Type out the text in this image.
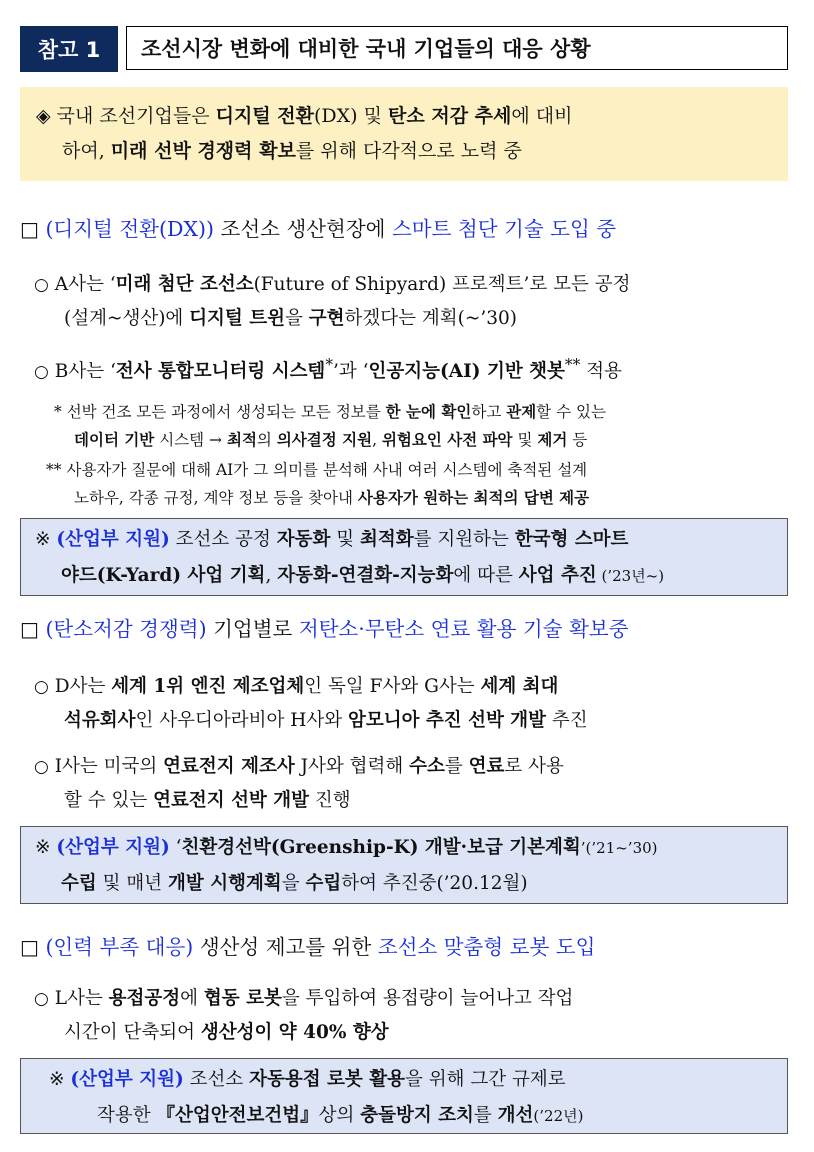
참고 1	조선시장 변화에 대비한 국내 기업들의 대응 상황
◈ 국내 조선기업들은 디지털 전환(DX) 및 탄소 저감 추세에 대비
하여, 미래 선박 경쟁력 확보를 위해 다각적으로 노력 중
□ (디지털 전환(DX)) 조선소 생산현장에 스마트 첨단 기술 도입 중
○ A사는 ‘미래 첨단 조선소(Future of Shipyard) 프로젝트’로 모든 공정
(설계~생산)에 디지털 트윈을 구현하겠다는 계획(~’30)
○ B사는 ‘전사 통합모니터링 시스템*’과 ‘인공지능(AI) 기반 챗봇** 적용
* 선박 건조 모든 과정에서 생성되는 모든 정보를 한 눈에 확인하고 관제할 수 있는
데이터 기반 시스템 → 최적의 의사결정 지원, 위험요인 사전 파악 및 제거 등
** 사용자가 질문에 대해 AI가 그 의미를 분석해 사내 여러 시스템에 축적된 설계
노하우, 각종 규정, 계약 정보 등을 찾아내 사용자가 원하는 최적의 답변 제공
※ (산업부 지원) 조선소 공정 자동화 및 최적화를 지원하는 한국형 스마트
야드(K-Yard) 사업 기획, 자동화-연결화-지능화에 따른 사업 추진 (’23년~)
□ (탄소저감 경쟁력) 기업별로 저탄소·무탄소 연료 활용 기술 확보중
○ D사는 세계 1위 엔진 제조업체인 독일 F사와 G사는 세계 최대
석유회사인 사우디아라비아 H사와 암모니아 추진 선박 개발 추진
○ I사는 미국의 연료전지 제조사 J사와 협력해 수소를 연료로 사용
할 수 있는 연료전지 선박 개발 진행
※ (산업부 지원) ‘친환경선박(Greenship-K) 개발·보급 기본계획’(’21~’30)
수립 및 매년 개발 시행계획을 수립하여 추진중(’20.12월)
□ (인력 부족 대응) 생산성 제고를 위한 조선소 맞춤형 로봇 도입
○ L사는 용접공정에 협동 로봇을 투입하여 용접량이 늘어나고 작업
시간이 단축되어 생산성이 약 40% 향상
※ (산업부 지원) 조선소 자동용접 로봇 활용을 위해 그간 규제로
작용한 『산업안전보건법』상의 충돌방지 조치를 개선(’22년)
